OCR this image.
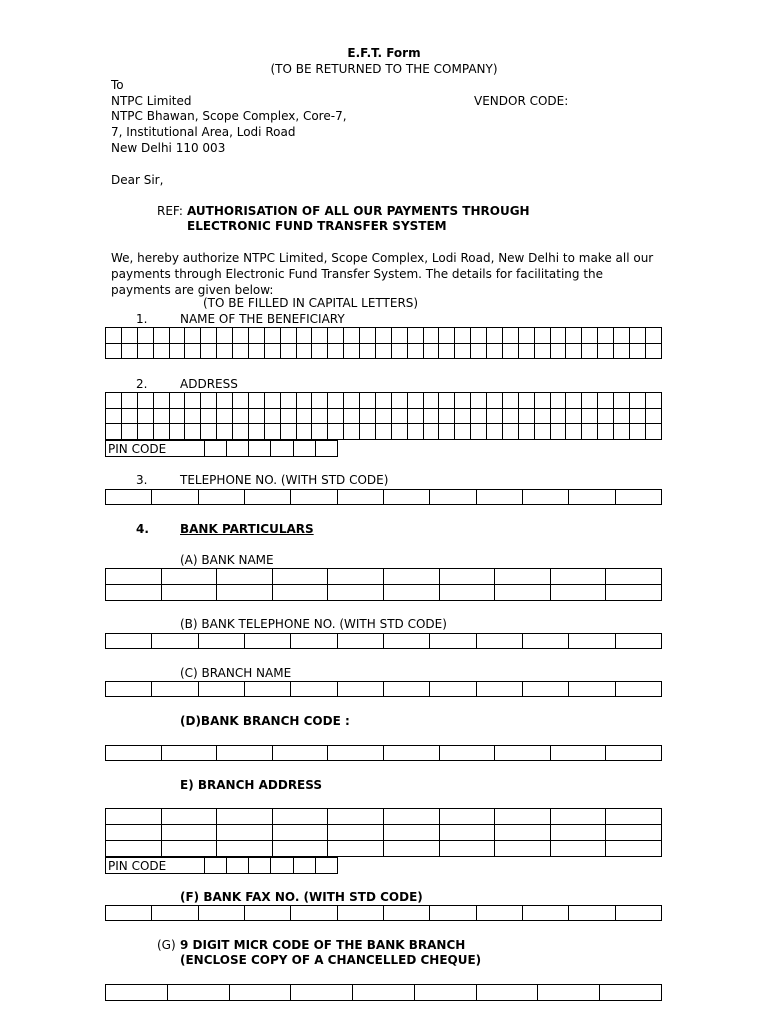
E.F.T. Form
(TO BE RETURNED TO THE COMPANY)
To
NTPC Limited
NTPC Bhawan, Scope Complex, Core-7,
7, Institutional Area, Lodi Road
New Delhi 110 003
VENDOR CODE:
Dear Sir,
REF: AUTHORISATION OF ALL OUR PAYMENTS THROUGH
ELECTRONIC FUND TRANSFER SYSTEM
We, hereby authorize NTPC Limited, Scope Complex, Lodi Road, New Delhi to make all our payments through Electronic Fund Transfer System. The details for facilitating the payments are given below:
(TO BE FILLED IN CAPITAL LETTERS)
1.	NAME OF THE BENEFICIARY

2.	ADDRESS

PIN CODE						
3.	TELEPHONE NO. (WITH STD CODE)

4.	BANK PARTICULARS
(A) BANK NAME

(B) BANK TELEPHONE NO. (WITH STD CODE)

(C) BRANCH NAME

(D)BANK BRANCH CODE :

E) BRANCH ADDRESS

PIN CODE						
(F) BANK FAX NO. (WITH STD CODE)

(G) 9 DIGIT MICR CODE OF THE BANK BRANCH
(ENCLOSE COPY OF A CHANCELLED CHEQUE)
